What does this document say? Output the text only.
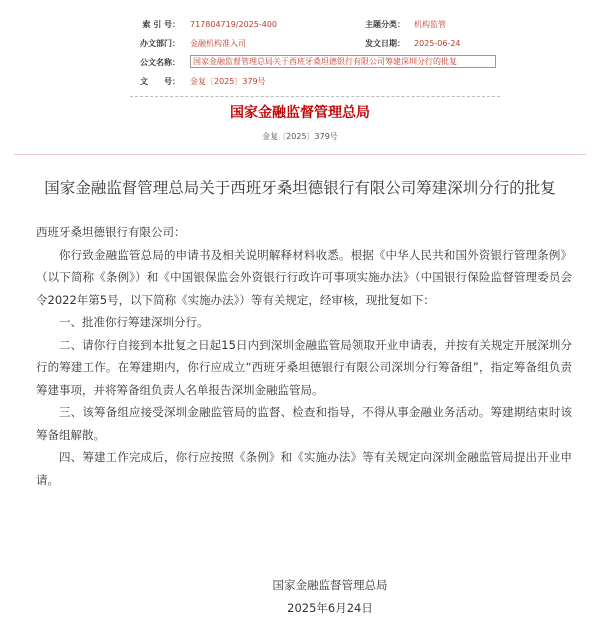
索 引 号： 717804719/2025-400	主题分类： 机构监管
办文部门： 金融机构准入司	发文日期： 2025-06-24
公文名称：	国家金融监督管理总局关于西班牙桑坦德银行有限公司筹建深圳分行的批复
文　　号： 金复〔2025〕379号
国家金融监督管理总局
金复〔2025〕379号
国家金融监督管理总局关于西班牙桑坦德银行有限公司筹建深圳分行的批复

西班牙桑坦德银行有限公司：

你行致金融监管总局的申请书及相关说明解释材料收悉。根据《中华人民共和国外资银行管理条例》（以下简称《条例》）和《中国银保监会外资银行行政许可事项实施办法》（中国银行保险监督管理委员会令2022年第5号，以下简称《实施办法》）等有关规定，经审核，现批复如下：

一、批准你行筹建深圳分行。

二、请你行自接到本批复之日起15日内到深圳金融监管局领取开业申请表，并按有关规定开展深圳分行的筹建工作。在筹建期内，你行应成立“西班牙桑坦德银行有限公司深圳分行筹备组”，指定筹备组负责筹建事项，并将筹备组负责人名单报告深圳金融监管局。

三、该筹备组应接受深圳金融监管局的监督、检查和指导，不得从事金融业务活动。筹建期结束时该筹备组解散。

四、筹建工作完成后，你行应按照《条例》和《实施办法》等有关规定向深圳金融监管局提出开业申请。

国家金融监督管理总局
2025年6月24日
